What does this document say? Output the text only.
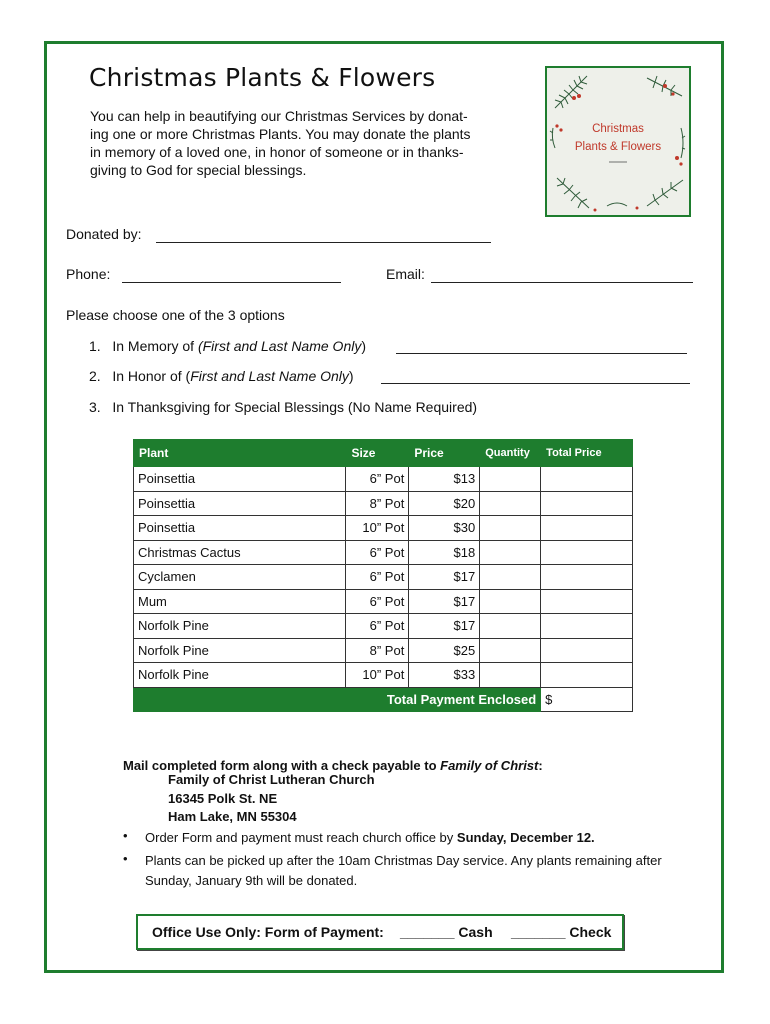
Christmas Plants & Flowers
You can help in beautifying our Christmas Services by donat-
ing one or more Christmas Plants. You may donate the plants
in memory of a loved one, in honor of someone or in thanks-
giving to God for special blessings.
Christmas
Plants & Flowers
Donated by:
Phone:	Email:
Please choose one of the 3 options
1. In Memory of (First and Last Name Only)
2. In Honor of (First and Last Name Only)
3. In Thanksgiving for Special Blessings (No Name Required)
Plant	Size	Price	Quantity	Total Price
Poinsettia	6” Pot	$13		
Poinsettia	8” Pot	$20		
Poinsettia	10” Pot	$30		
Christmas Cactus	6” Pot	$18		
Cyclamen	6” Pot	$17		
Mum	6” Pot	$17		
Norfolk Pine	6” Pot	$17		
Norfolk Pine	8” Pot	$25		
Norfolk Pine	10” Pot	$33		
Total Payment Enclosed				$
Mail completed form along with a check payable to Family of Christ:
Family of Christ Lutheran Church
16345 Polk St. NE
Ham Lake, MN 55304
• Order Form and payment must reach church office by Sunday, December 12.
• Plants can be picked up after the 10am Christmas Day service. Any plants remaining after Sunday, January 9th will be donated.
Office Use Only: Form of Payment: _______ Cash _______ Check
